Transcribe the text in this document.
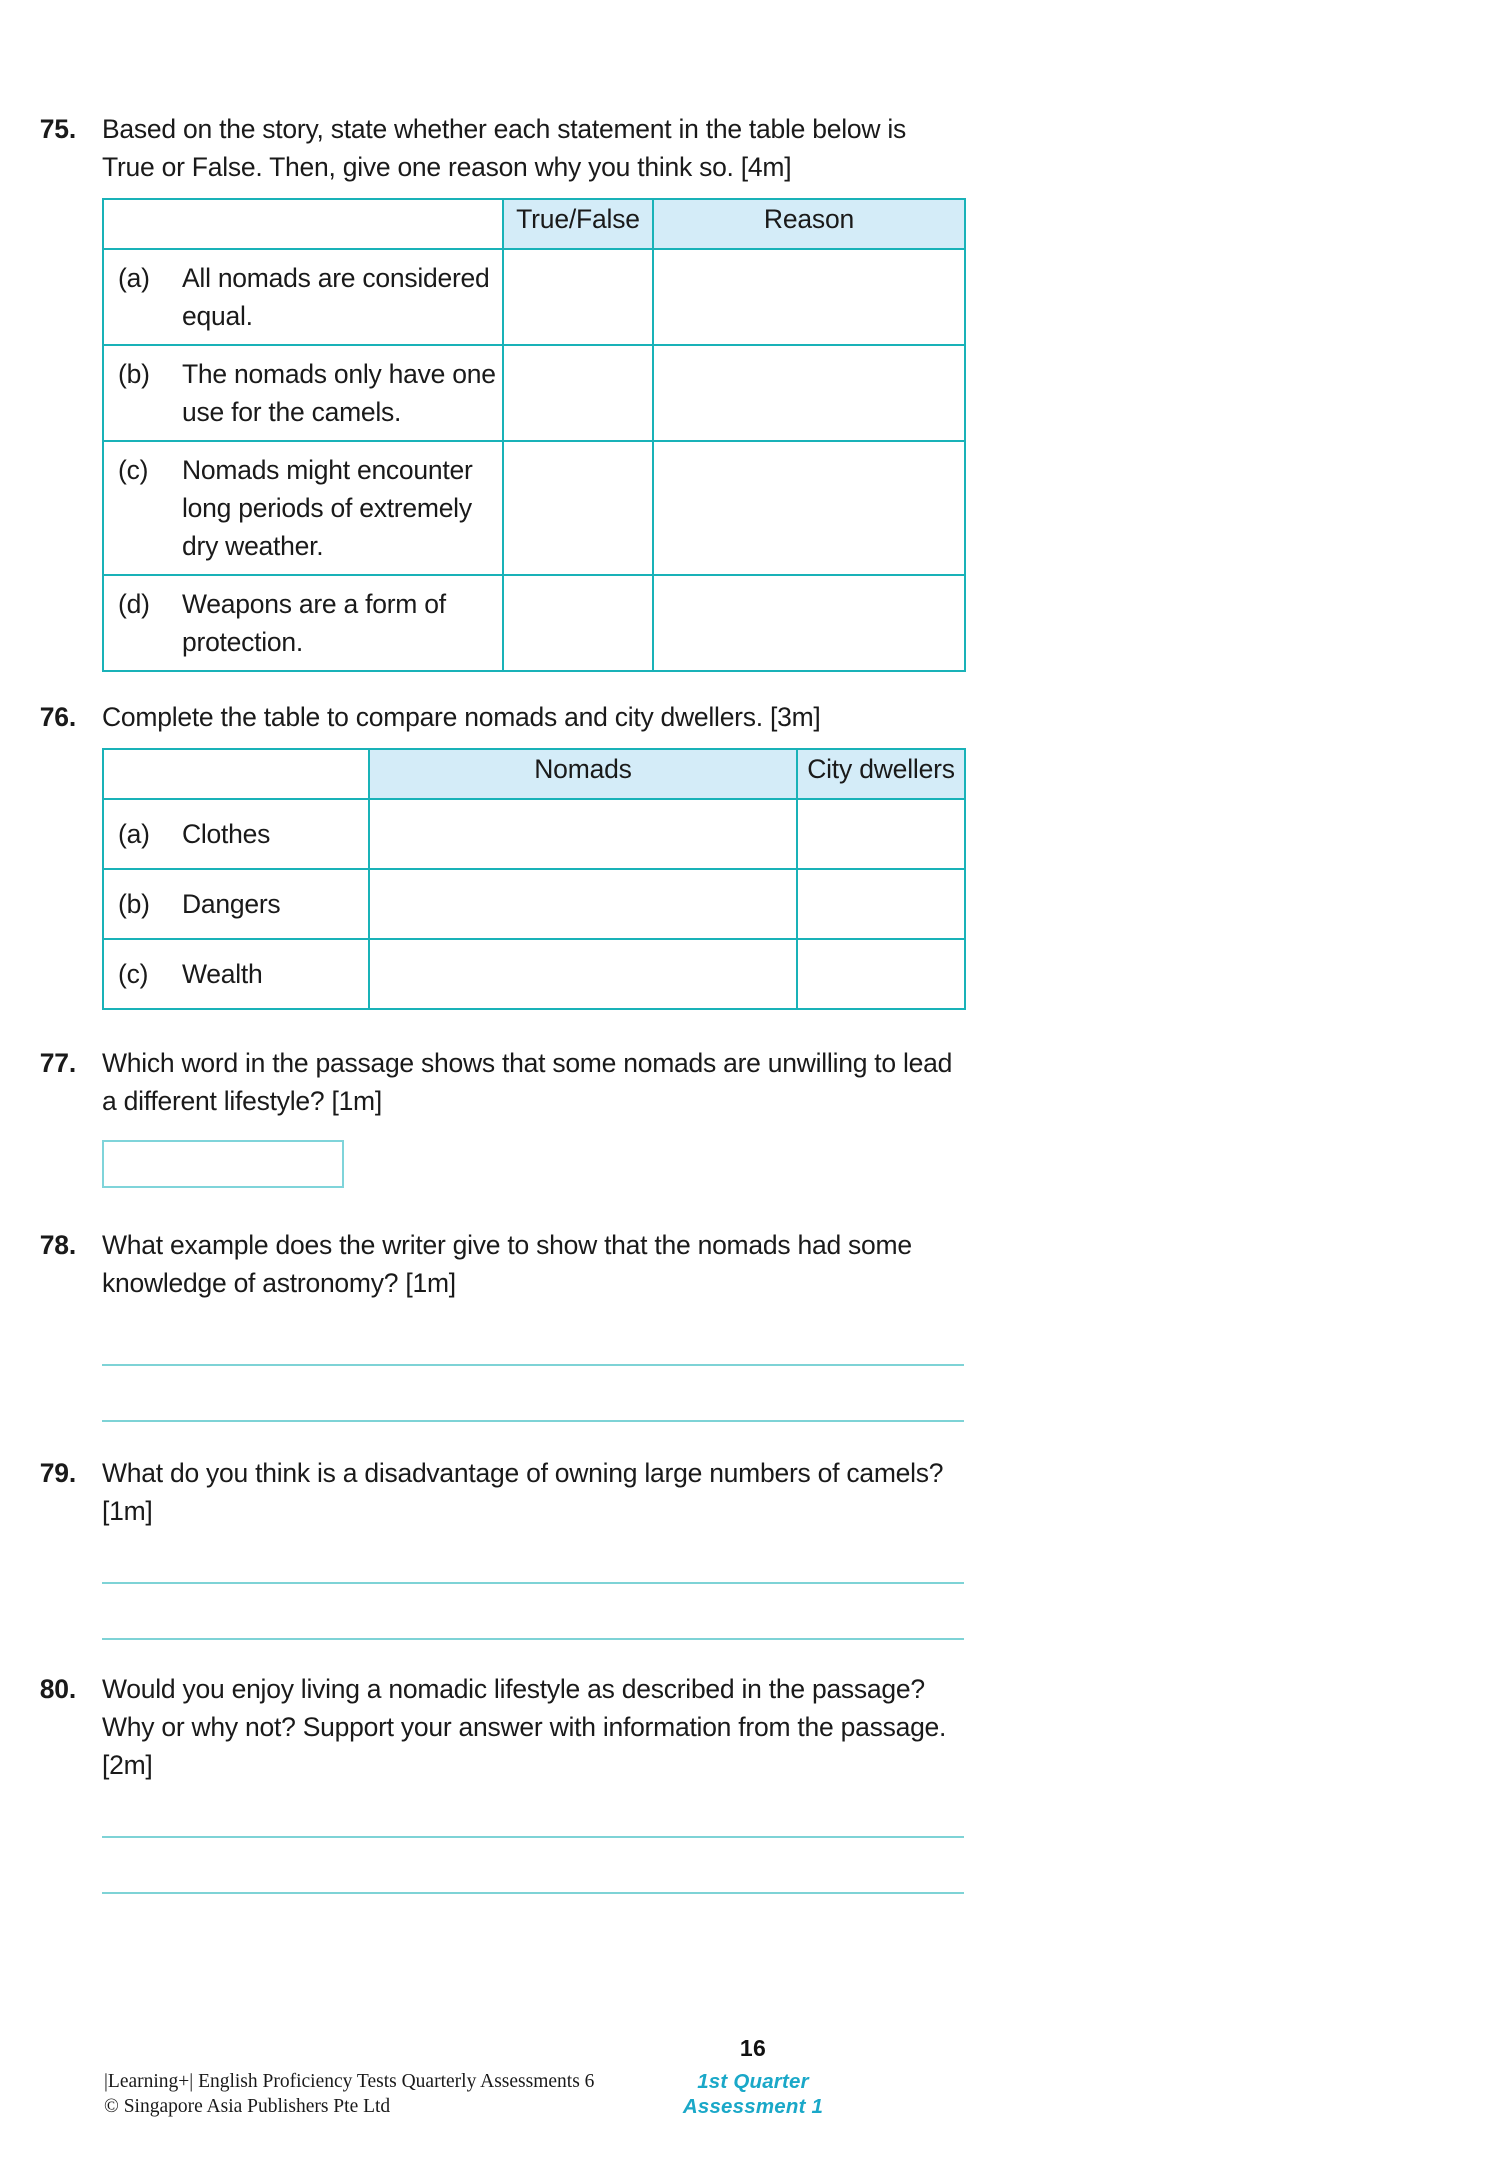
75. Based on the story, state whether each statement in the table below is True or False. Then, give one reason why you think so. [4m]
	True/False	Reason

(a) All nomads are considered equal.		

(b) The nomads only have one use for the camels.		

(c) Nomads might encounter long periods of extremely dry weather.		

(d) Weapons are a form of protection.		

76. Complete the table to compare nomads and city dwellers. [3m]
	Nomads	City dwellers

(a) Clothes		

(b) Dangers		

(c) Wealth		

77. Which word in the passage shows that some nomads are unwilling to lead a different lifestyle? [1m]
78. What example does the writer give to show that the nomads had some knowledge of astronomy? [1m]
79. What do you think is a disadvantage of owning large numbers of camels? [1m]
80. Would you enjoy living a nomadic lifestyle as described in the passage? Why or why not? Support your answer with information from the passage. [2m]
16
|Learning+| English Proficiency Tests Quarterly Assessments 6
© Singapore Asia Publishers Pte Ltd
1st Quarter
Assessment 1
